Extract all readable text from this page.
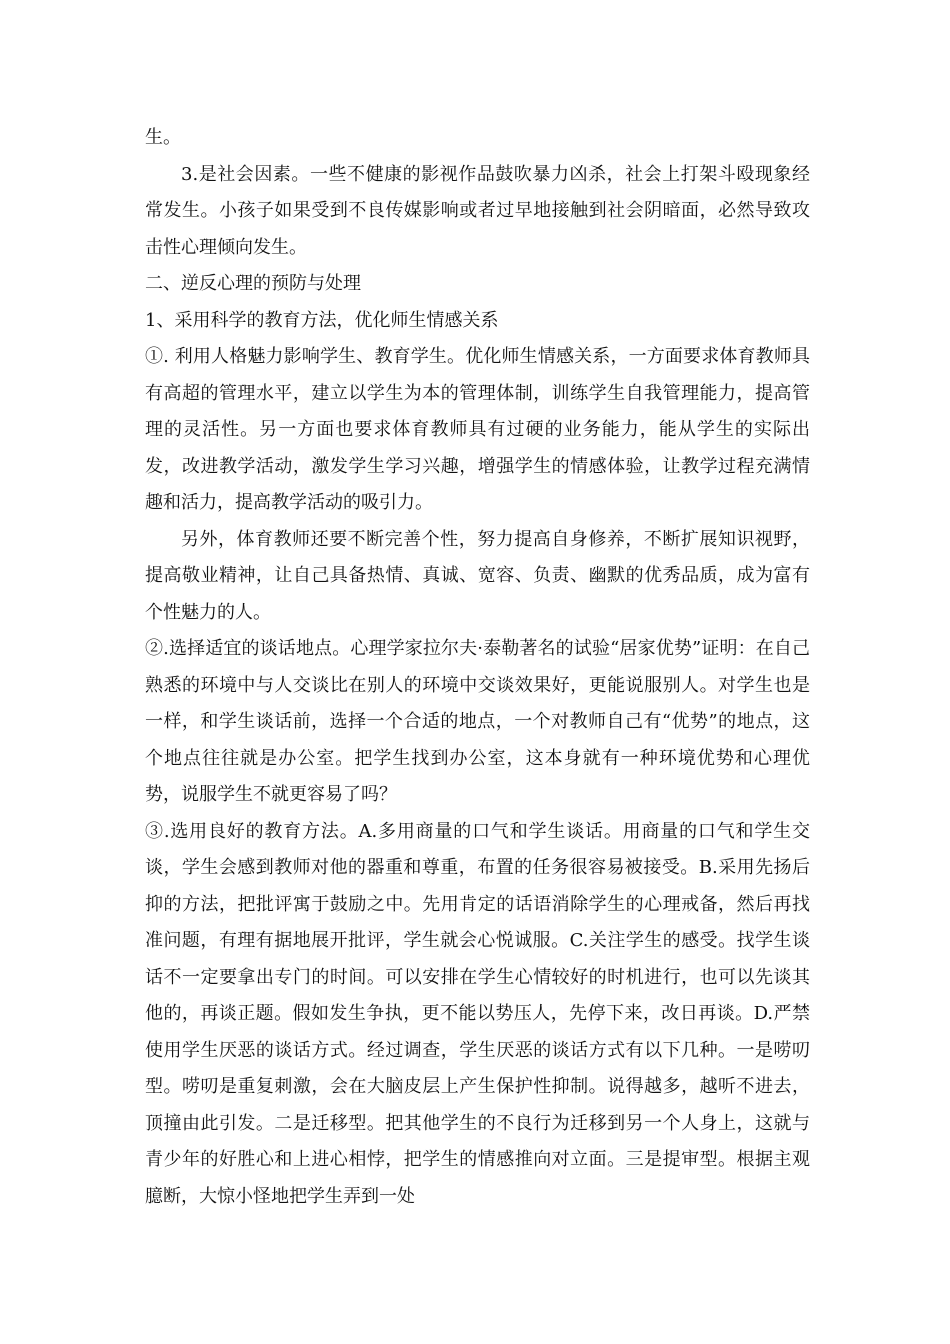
生。

3.是社会因素。一些不健康的影视作品鼓吹暴力凶杀，社会上打架斗殴现象经常发生。小孩子如果受到不良传媒影响或者过早地接触到社会阴暗面，必然导致攻击性心理倾向发生。

二、逆反心理的预防与处理

1、采用科学的教育方法，优化师生情感关系

①. 利用人格魅力影响学生、教育学生。优化师生情感关系，一方面要求体育教师具有高超的管理水平，建立以学生为本的管理体制，训练学生自我管理能力，提高管理的灵活性。另一方面也要求体育教师具有过硬的业务能力，能从学生的实际出发，改进教学活动，激发学生学习兴趣，增强学生的情感体验，让教学过程充满情趣和活力，提高教学活动的吸引力。

另外，体育教师还要不断完善个性，努力提高自身修养，不断扩展知识视野，提高敬业精神，让自己具备热情、真诚、宽容、负责、幽默的优秀品质，成为富有个性魅力的人。

②.选择适宜的谈话地点。心理学家拉尔夫·泰勒著名的试验“居家优势”证明：在自己熟悉的环境中与人交谈比在别人的环境中交谈效果好，更能说服别人。对学生也是一样，和学生谈话前，选择一个合适的地点，一个对教师自己有“优势”的地点，这个地点往往就是办公室。把学生找到办公室，这本身就有一种环境优势和心理优势，说服学生不就更容易了吗？

③.选用良好的教育方法。A.多用商量的口气和学生谈话。用商量的口气和学生交谈，学生会感到教师对他的器重和尊重，布置的任务很容易被接受。B.采用先扬后抑的方法，把批评寓于鼓励之中。先用肯定的话语消除学生的心理戒备，然后再找准问题，有理有据地展开批评，学生就会心悦诚服。C.关注学生的感受。找学生谈话不一定要拿出专门的时间。可以安排在学生心情较好的时机进行，也可以先谈其他的，再谈正题。假如发生争执，更不能以势压人，先停下来，改日再谈。D.严禁使用学生厌恶的谈话方式。经过调查，学生厌恶的谈话方式有以下几种。一是唠叨型。唠叨是重复刺激，会在大脑皮层上产生保护性抑制。说得越多，越听不进去，顶撞由此引发。二是迁移型。把其他学生的不良行为迁移到另一个人身上，这就与青少年的好胜心和上进心相悖，把学生的情感推向对立面。三是提审型。根据主观臆断，大惊小怪地把学生弄到一处
